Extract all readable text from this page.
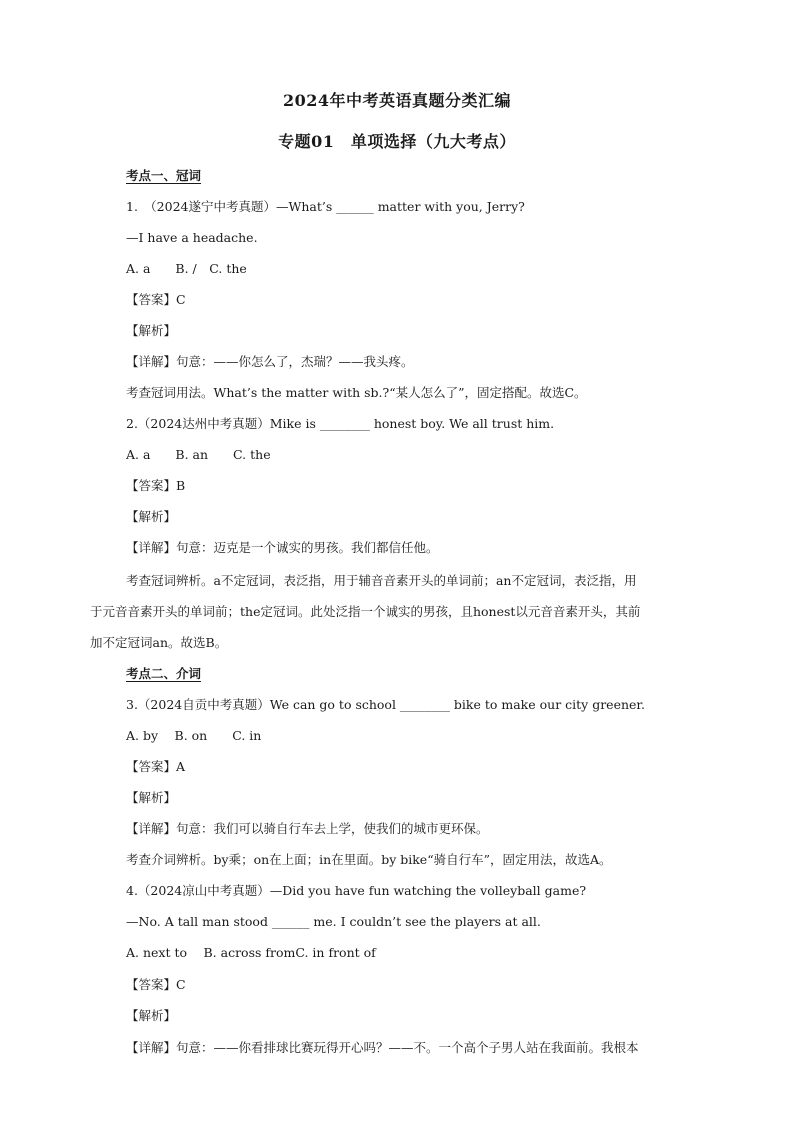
2024年中考英语真题分类汇编
专题01　单项选择（九大考点）
考点一、冠词
1.　（2024遂宁中考真题）—What’s ______ matter with you, Jerry?
—I have a headache.
A. a　　B. /　C. the
【答案】C
【解析】
【详解】句意：——你怎么了，杰瑞？——我头疼。
考查冠词用法。What’s the matter with sb.?“某人怎么了”，固定搭配。故选C。
2.（2024达州中考真题）Mike is ________ honest boy. We all trust him.
A. a　　B. an　　C. the
【答案】B
【解析】
【详解】句意：迈克是一个诚实的男孩。我们都信任他。
考查冠词辨析。a不定冠词，表泛指，用于辅音音素开头的单词前；an不定冠词，表泛指，用
于元音音素开头的单词前；the定冠词。此处泛指一个诚实的男孩，且honest以元音音素开头，其前
加不定冠词an。故选B。
考点二、介词
3.（2024自贡中考真题）We can go to school ________ bike to make our city greener.
A. by　 B. on　　C. in
【答案】A
【解析】
【详解】句意：我们可以骑自行车去上学，使我们的城市更环保。
考查介词辨析。by乘；on在上面；in在里面。by bike“骑自行车”，固定用法，故选A。
4.（2024凉山中考真题）—Did you have fun watching the volleyball game?
—No. A tall man stood ______ me. I couldn’t see the players at all.
A. next to　 B. across fromC. in front of
【答案】C
【解析】
【详解】句意：——你看排球比赛玩得开心吗？——不。一个高个子男人站在我面前。我根本
